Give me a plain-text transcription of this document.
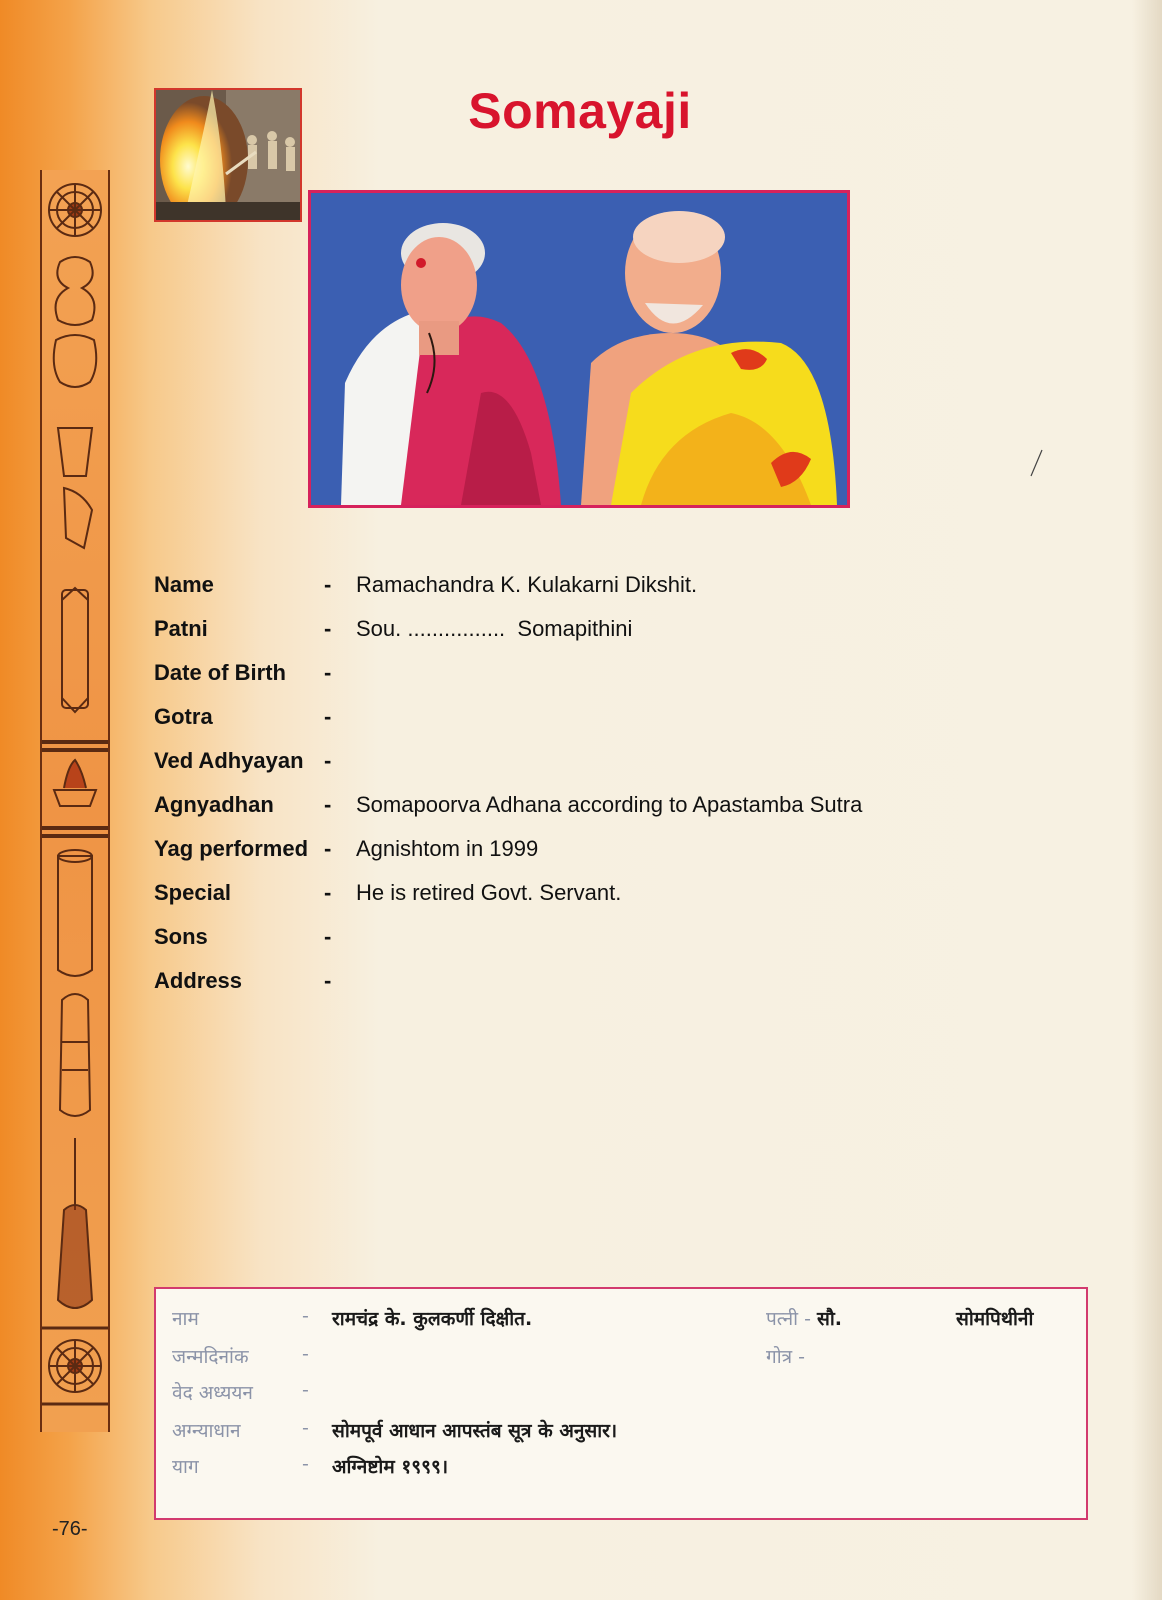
Somayaji
Name	- Ramachandra K. Kulakarni Dikshit.
Patni	- Sou. ................  Somapithini
Date of Birth -
Gotra	-
Ved Adhyayan -
Agnyadhan - Somapoorva Adhana according to Apastamba Sutra
Yag performed - Agnishtom in 1999
Special	- He is retired Govt. Servant.
Sons	-
Address	-
नाम	- रामचंद्र के. कुलकर्णी दिक्षीत.
जन्मदिनांक	-
वेद अध्ययन	-
अग्न्याधान	- सोमपूर्व आधान आपस्तंब सूत्र के अनुसार।
याग	- अग्निष्टोम १९९९।
पत्नी - सौ.	सोमपिथीनी
गोत्र -
-76-
